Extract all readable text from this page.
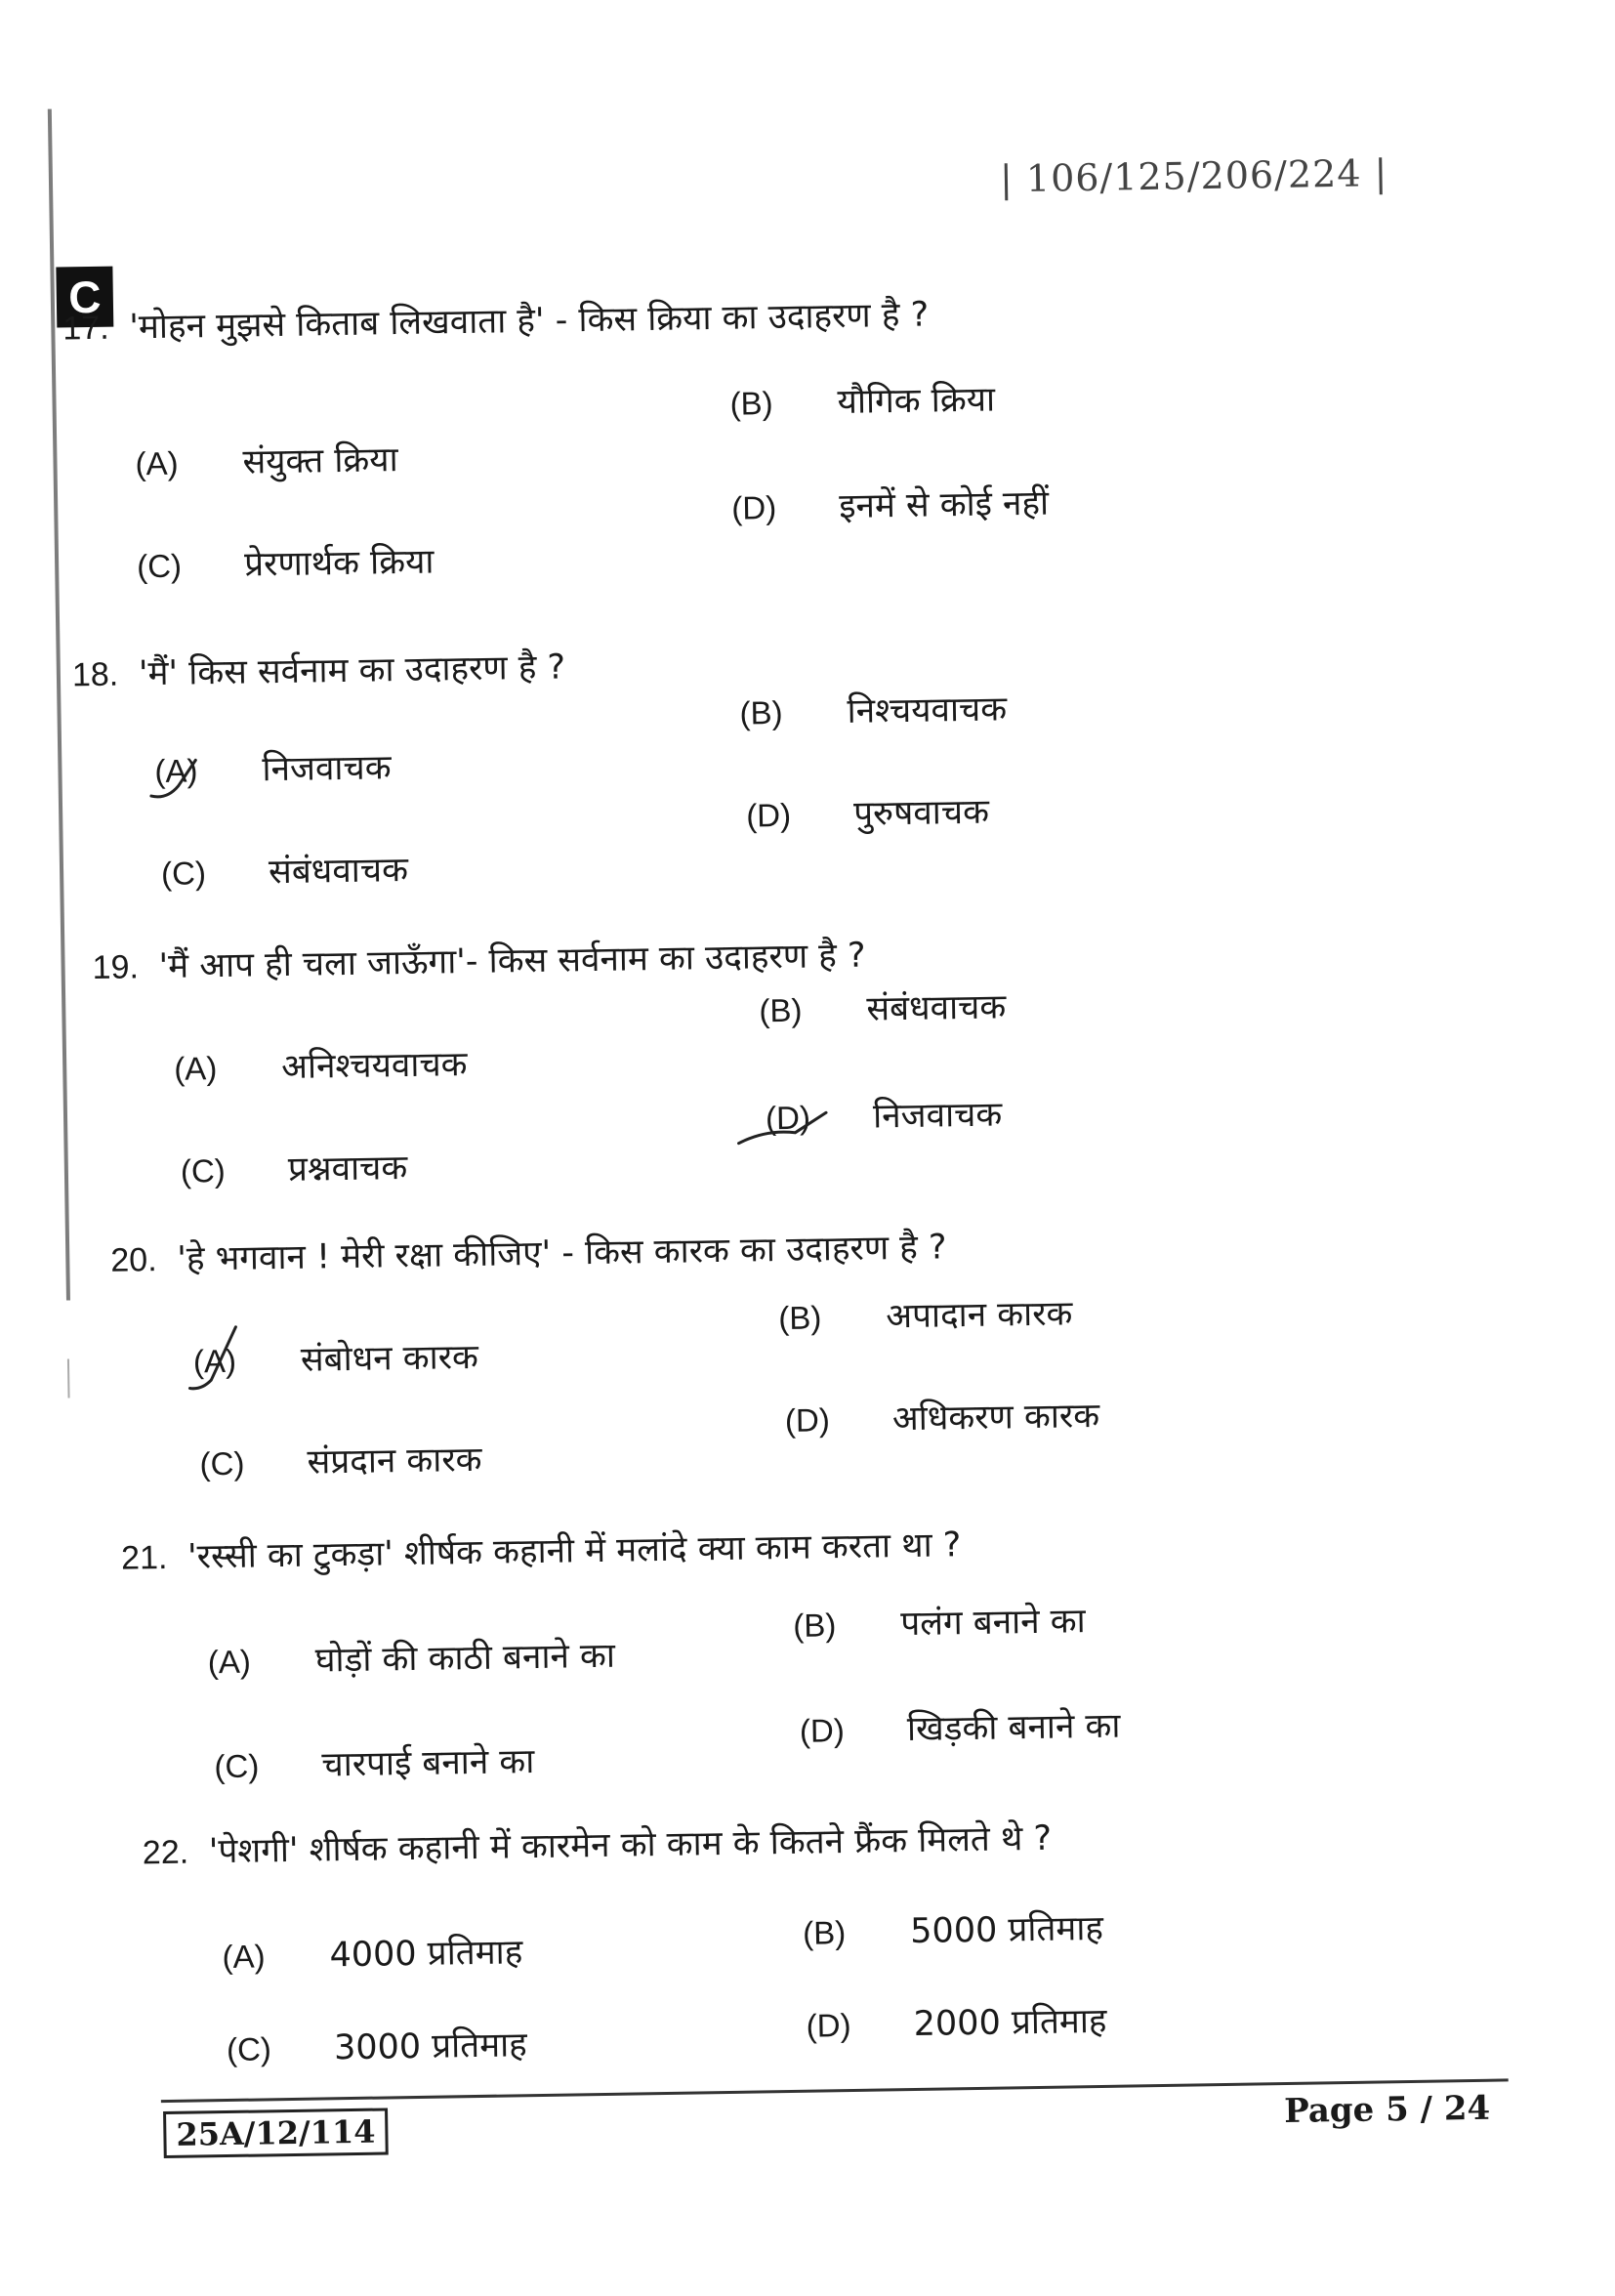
| 106/125/206/224 |
C
17. 'मोहन मुझसे किताब लिखवाता है' - किस क्रिया का उदाहरण है ?
(A)	संयुक्त क्रिया
(B)	यौगिक क्रिया
(C)	प्रेरणार्थक क्रिया
(D)	इनमें से कोई नहीं
18. 'मैं' किस सर्वनाम का उदाहरण है ?
(A)	निजवाचक
(B)	निश्चयवाचक
(C)	संबंधवाचक
(D)	पुरुषवाचक
19. 'मैं आप ही चला जाऊँगा'- किस सर्वनाम का उदाहरण है ?
(A)	अनिश्चयवाचक
(B)	संबंधवाचक
(C)	प्रश्नवाचक
(D)	निजवाचक
20. 'हे भगवान ! मेरी रक्षा कीजिए' - किस कारक का उदाहरण है ?
(A)	संबोधन कारक
(B)	अपादान कारक
(C)	संप्रदान कारक
(D)	अधिकरण कारक
21. 'रस्सी का टुकड़ा' शीर्षक कहानी में मलांदे क्या काम करता था ?
(A)	घोड़ों की काठी बनाने का
(B)	पलंग बनाने का
(C)	चारपाई बनाने का
(D)	खिड़की बनाने का
22. 'पेशगी' शीर्षक कहानी में कारमेन को काम के कितने फ्रैंक मिलते थे ?
(A)	4000 प्रतिमाह
(B)	5000 प्रतिमाह
(C)	3000 प्रतिमाह
(D)	2000 प्रतिमाह
25A/12/114
Page 5 / 24
